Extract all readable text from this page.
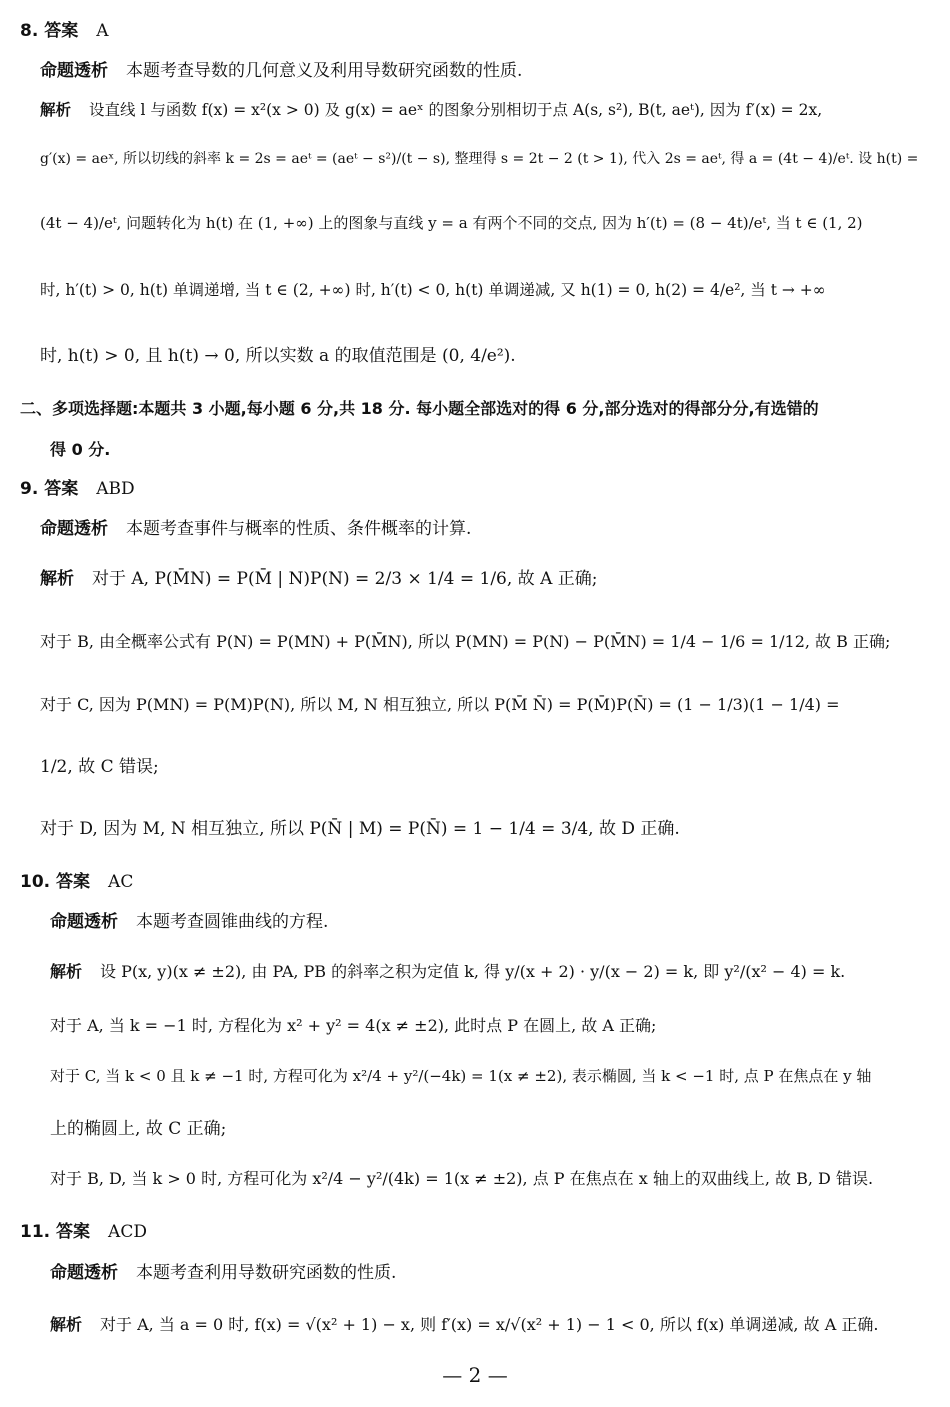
8. 答案 A
命题透析 本题考查导数的几何意义及利用导数研究函数的性质.
解析 设直线 l 与函数 f(x) = x²(x > 0) 及 g(x) = aeˣ 的图象分别相切于点 A(s, s²), B(t, aeᵗ), 因为 f′(x) = 2x,
g′(x) = aeˣ, 所以切线的斜率 k = 2s = aeᵗ = (aeᵗ − s²)/(t − s), 整理得 s = 2t − 2 (t > 1), 代入 2s = aeᵗ, 得 a = (4t − 4)/eᵗ. 设 h(t) =
(4t − 4)/eᵗ, 问题转化为 h(t) 在 (1, +∞) 上的图象与直线 y = a 有两个不同的交点, 因为 h′(t) = (8 − 4t)/eᵗ, 当 t ∈ (1, 2)
时, h′(t) > 0, h(t) 单调递增, 当 t ∈ (2, +∞) 时, h′(t) < 0, h(t) 单调递减, 又 h(1) = 0, h(2) = 4/e², 当 t → +∞
时, h(t) > 0, 且 h(t) → 0, 所以实数 a 的取值范围是 (0, 4/e²).
二、多项选择题:本题共 3 小题,每小题 6 分,共 18 分. 每小题全部选对的得 6 分,部分选对的得部分分,有选错的
得 0 分.
9. 答案 ABD
命题透析 本题考查事件与概率的性质、条件概率的计算.
解析 对于 A, P(M̄N) = P(M̄ | N)P(N) = 2/3 × 1/4 = 1/6, 故 A 正确;
对于 B, 由全概率公式有 P(N) = P(MN) + P(M̄N), 所以 P(MN) = P(N) − P(M̄N) = 1/4 − 1/6 = 1/12, 故 B 正确;
对于 C, 因为 P(MN) = P(M)P(N), 所以 M, N 相互独立, 所以 P(M̄ N̄) = P(M̄)P(N̄) = (1 − 1/3)(1 − 1/4) =
1/2, 故 C 错误;
对于 D, 因为 M, N 相互独立, 所以 P(N̄ | M) = P(N̄) = 1 − 1/4 = 3/4, 故 D 正确.
10. 答案 AC
命题透析 本题考查圆锥曲线的方程.
解析 设 P(x, y)(x ≠ ±2), 由 PA, PB 的斜率之积为定值 k, 得 y/(x + 2) · y/(x − 2) = k, 即 y²/(x² − 4) = k.
对于 A, 当 k = −1 时, 方程化为 x² + y² = 4(x ≠ ±2), 此时点 P 在圆上, 故 A 正确;
对于 C, 当 k < 0 且 k ≠ −1 时, 方程可化为 x²/4 + y²/(−4k) = 1(x ≠ ±2), 表示椭圆, 当 k < −1 时, 点 P 在焦点在 y 轴
上的椭圆上, 故 C 正确;
对于 B, D, 当 k > 0 时, 方程可化为 x²/4 − y²/(4k) = 1(x ≠ ±2), 点 P 在焦点在 x 轴上的双曲线上, 故 B, D 错误.
11. 答案 ACD
命题透析 本题考查利用导数研究函数的性质.
解析 对于 A, 当 a = 0 时, f(x) = √(x² + 1) − x, 则 f′(x) = x/√(x² + 1) − 1 < 0, 所以 f(x) 单调递减, 故 A 正确.
— 2 —
